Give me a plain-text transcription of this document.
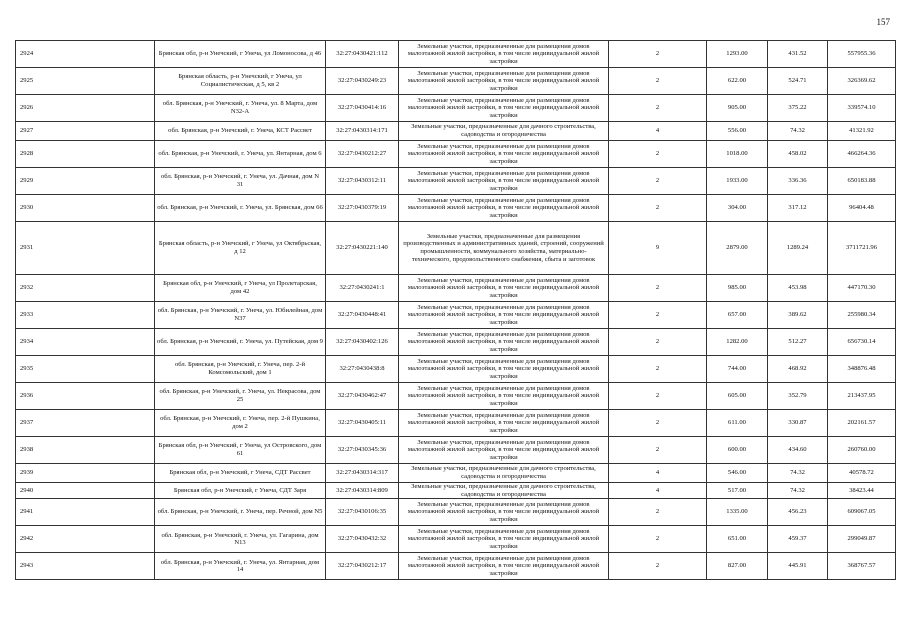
157
2924	Брянская обл, р-н Унечский, г Унеча, ул Ломоносова, д 46	32:27:0430421:112	Земельные участки, предназначенные для размещения домов малоэтажной жилой застройки, в том числе индивидуальной жилой застройки	2	1293.00	431.52	557955.36
2925	Брянская область, р-н Унечский, г Унеча, ул Социалистическая, д 5, кв 2	32:27:0430249:23	Земельные участки, предназначенные для размещения домов малоэтажной жилой застройки, в том числе индивидуальной жилой застройки	2	622.00	524.71	326369.62
2926	обл. Брянская, р-н Унечский, г. Унеча, ул. 8 Марта, дом N32-А	32:27:0430414:16	Земельные участки, предназначенные для размещения домов малоэтажной жилой застройки, в том числе индивидуальной жилой застройки	2	905.00	375.22	339574.10
2927	обл. Брянская, р-н Унечский, г. Унеча, КСТ Рассвет	32:27:0430314:171	Земельные участки, предназначенные для дачного строительства, садоводства и огородничества	4	556.00	74.32	41321.92
2928	обл. Брянская, р-н Унечский, г. Унеча, ул. Янтарная, дом 6	32:27:0430212:27	Земельные участки, предназначенные для размещения домов малоэтажной жилой застройки, в том числе индивидуальной жилой застройки	2	1018.00	458.02	466264.36
2929	обл. Брянская, р-н Унечский, г. Унеча, ул. Дачная, дом N 31	32:27:0430312:11	Земельные участки, предназначенные для размещения домов малоэтажной жилой застройки, в том числе индивидуальной жилой застройки	2	1933.00	336.36	650183.88
2930	обл. Брянская, р-н Унечский, г. Унеча, ул. Брянская, дом 66	32:27:0430379:19	Земельные участки, предназначенные для размещения домов малоэтажной жилой застройки, в том числе индивидуальной жилой застройки	2	304.00	317.12	96404.48
2931	Брянская область, р-н Унечский, г Унеча, ул Октябрьская, д 12	32:27:0430221:140	Земельные участки, предназначенные для размещения производственных и административных зданий, строений, сооружений промышленности, коммунального хозяйства, материально-технического, продовольственного снабжения, сбыта и заготовок	9	2879.00	1289.24	3711721.96
2932	Брянская обл, р-н Унечский, г Унеча, ул Пролетарская, дом 42	32:27:0430241:1	Земельные участки, предназначенные для размещения домов малоэтажной жилой застройки, в том числе индивидуальной жилой застройки	2	985.00	453.98	447170.30
2933	обл. Брянская, р-н Унечский, г. Унеча, ул. Юбилейная, дом N37	32:27:0430448:41	Земельные участки, предназначенные для размещения домов малоэтажной жилой застройки, в том числе индивидуальной жилой застройки	2	657.00	389.62	255980.34
2934	обл. Брянская, р-н Унечский, г. Унеча, ул. Путейская, дом 9	32:27:0430402:126	Земельные участки, предназначенные для размещения домов малоэтажной жилой застройки, в том числе индивидуальной жилой застройки	2	1282.00	512.27	656730.14
2935	обл. Брянская, р-н Унечский, г. Унеча, пер. 2-й Комсомольский, дом 1	32:27:0430438:8	Земельные участки, предназначенные для размещения домов малоэтажной жилой застройки, в том числе индивидуальной жилой застройки	2	744.00	468.92	348876.48
2936	обл. Брянская, р-н Унечский, г. Унеча, ул. Некрасова, дом 25	32:27:0430462:47	Земельные участки, предназначенные для размещения домов малоэтажной жилой застройки, в том числе индивидуальной жилой застройки	2	605.00	352.79	213437.95
2937	обл. Брянская, р-н Унечский, г. Унеча, пер. 2-й Пушкина, дом 2	32:27:0430405:11	Земельные участки, предназначенные для размещения домов малоэтажной жилой застройки, в том числе индивидуальной жилой застройки	2	611.00	330.87	202161.57
2938	Брянская обл, р-н Унечский, г Унеча, ул Островского, дом 61	32:27:0430345:36	Земельные участки, предназначенные для размещения домов малоэтажной жилой застройки, в том числе индивидуальной жилой застройки	2	600.00	434.60	260760.00
2939	Брянская обл, р-н Унечский, г Унеча, СДТ Рассвет	32:27:0430314:317	Земельные участки, предназначенные для дачного строительства, садоводства и огородничества	4	546.00	74.32	40578.72
2940	Брянская обл, р-н Унечский, г Унеча, СДТ Заря	32:27:0430314:809	Земельные участки, предназначенные для дачного строительства, садоводства и огородничества	4	517.00	74.32	38423.44
2941	обл. Брянская, р-н Унечский, г. Унеча, пер. Речной, дом N5	32:27:0430106:35	Земельные участки, предназначенные для размещения домов малоэтажной жилой застройки, в том числе индивидуальной жилой застройки	2	1335.00	456.23	609067.05
2942	обл. Брянская, р-н Унечский, г. Унеча, ул. Гагарина, дом N13	32:27:0430432:32	Земельные участки, предназначенные для размещения домов малоэтажной жилой застройки, в том числе индивидуальной жилой застройки	2	651.00	459.37	299049.87
2943	обл. Брянская, р-н Унечский, г. Унеча, ул. Янтарная, дом 14	32:27:0430212:17	Земельные участки, предназначенные для размещения домов малоэтажной жилой застройки, в том числе индивидуальной жилой застройки	2	827.00	445.91	368767.57
